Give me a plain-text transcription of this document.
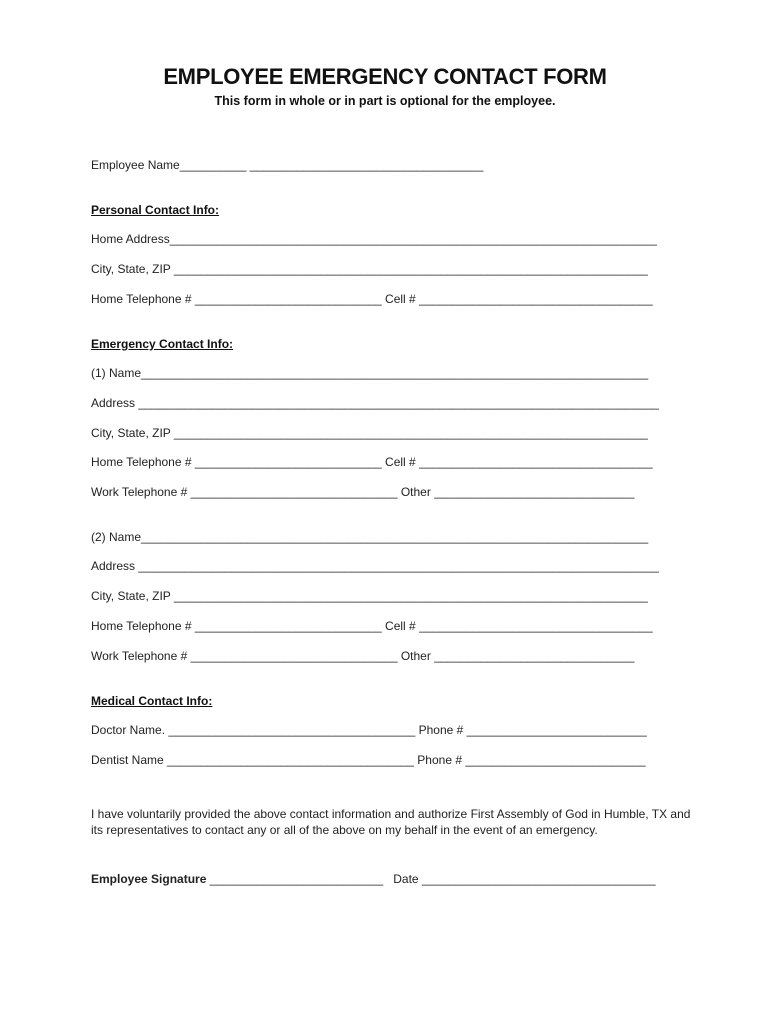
EMPLOYEE EMERGENCY CONTACT FORM
This form in whole or in part is optional for the employee.
Employee Name__________ ___________________________________
Personal Contact Info:
Home Address_________________________________________________________________________
City, State, ZIP _______________________________________________________________________
Home Telephone # ____________________________ Cell # ___________________________________
Emergency Contact Info:
(1) Name____________________________________________________________________________
Address ______________________________________________________________________________
City, State, ZIP _______________________________________________________________________
Home Telephone # ____________________________ Cell # ___________________________________
Work Telephone # _______________________________ Other ______________________________
(2) Name____________________________________________________________________________
Address ______________________________________________________________________________
City, State, ZIP _______________________________________________________________________
Home Telephone # ____________________________ Cell # ___________________________________
Work Telephone # _______________________________ Other ______________________________
Medical Contact Info:
Doctor Name. _____________________________________ Phone # ___________________________
Dentist Name _____________________________________ Phone # ___________________________
I have voluntarily provided the above contact information and authorize First Assembly of God in Humble, TX and its representatives to contact any or all of the above on my behalf in the event of an emergency.
Employee Signature __________________________   Date ___________________________________
